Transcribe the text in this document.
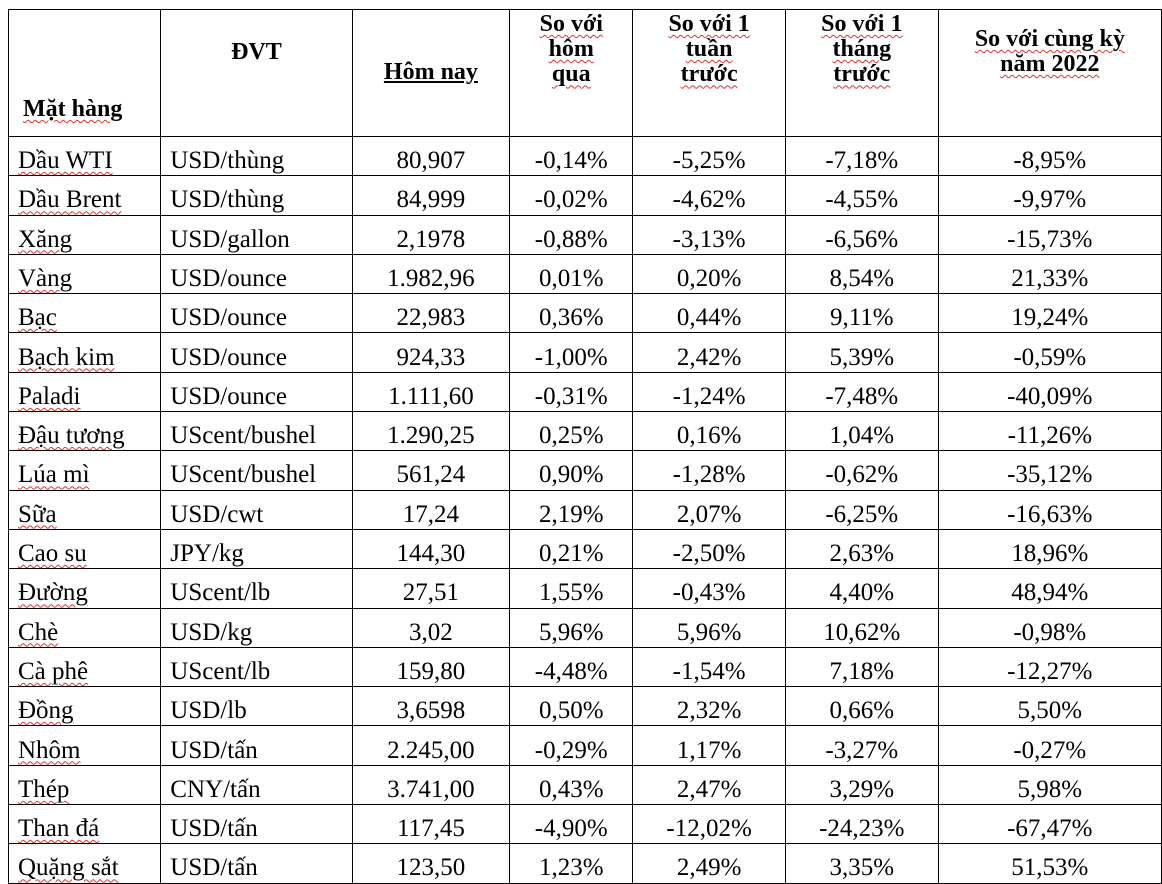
Mặt hàng	ĐVT	Hôm nay	So với
hôm
qua	So với 1
tuần
trước	So với 1
tháng
trước	So với cùng kỳ
năm 2022

Dầu WTI	USD/thùng	80,907	-0,14%	-5,25%	-7,18%	-8,95%
Dầu Brent	USD/thùng	84,999	-0,02%	-4,62%	-4,55%	-9,97%
Xăng	USD/gallon	2,1978	-0,88%	-3,13%	-6,56%	-15,73%
Vàng	USD/ounce	1.982,96	0,01%	0,20%	8,54%	21,33%
Bạc	USD/ounce	22,983	0,36%	0,44%	9,11%	19,24%
Bạch kim	USD/ounce	924,33	-1,00%	2,42%	5,39%	-0,59%
Paladi	USD/ounce	1.111,60	-0,31%	-1,24%	-7,48%	-40,09%
Đậu tương	UScent/bushel	1.290,25	0,25%	0,16%	1,04%	-11,26%
Lúa mì	UScent/bushel	561,24	0,90%	-1,28%	-0,62%	-35,12%
Sữa	USD/cwt	17,24	2,19%	2,07%	-6,25%	-16,63%
Cao su	JPY/kg	144,30	0,21%	-2,50%	2,63%	18,96%
Đường	UScent/lb	27,51	1,55%	-0,43%	4,40%	48,94%
Chè	USD/kg	3,02	5,96%	5,96%	10,62%	-0,98%
Cà phê	UScent/lb	159,80	-4,48%	-1,54%	7,18%	-12,27%
Đồng	USD/lb	3,6598	0,50%	2,32%	0,66%	5,50%
Nhôm	USD/tấn	2.245,00	-0,29%	1,17%	-3,27%	-0,27%
Thép	CNY/tấn	3.741,00	0,43%	2,47%	3,29%	5,98%
Than đá	USD/tấn	117,45	-4,90%	-12,02%	-24,23%	-67,47%
Quặng sắt	USD/tấn	123,50	1,23%	2,49%	3,35%	51,53%
